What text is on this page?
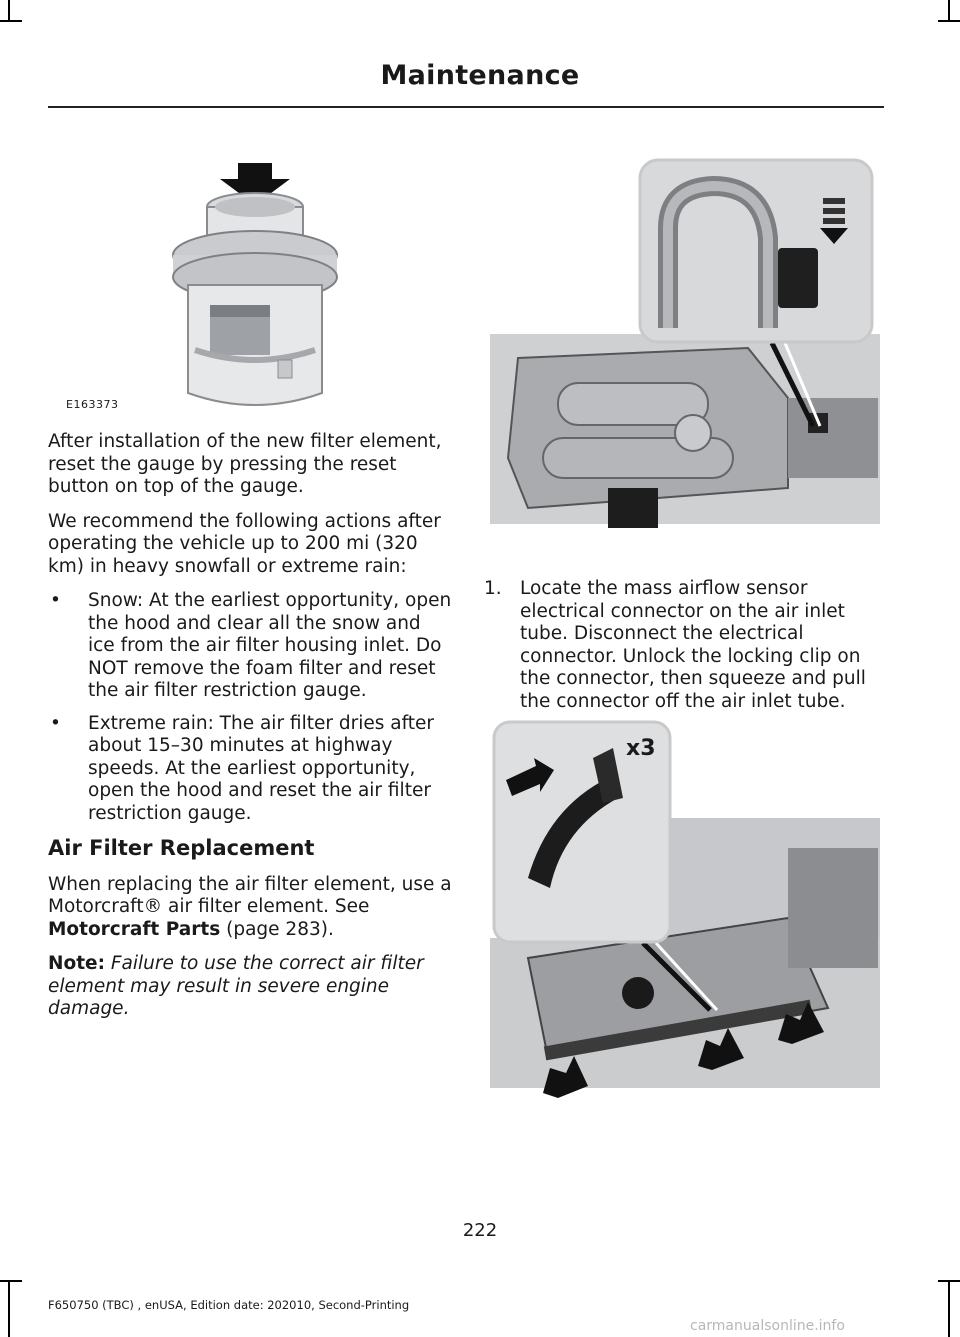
Maintenance
E163373

After installation of the new filter element, reset the gauge by pressing the reset button on top of the gauge.

We recommend the following actions after operating the vehicle up to 200 mi (320 km) in heavy snowfall or extreme rain:

• Snow: At the earliest opportunity, open the hood and clear all the snow and ice from the air filter housing inlet. Do NOT remove the foam filter and reset the air filter restriction gauge.
• Extreme rain: The air filter dries after about 15–30 minutes at highway speeds. At the earliest opportunity, open the hood and reset the air filter restriction gauge.
Air Filter Replacement

When replacing the air filter element, use a Motorcraft® air filter element. See Motorcraft Parts (page 283).

Note: Failure to use the correct air filter element may result in severe engine damage.

1. Locate the mass airflow sensor electrical connector on the air inlet tube. Disconnect the electrical connector. Unlock the locking clip on the connector, then squeeze and pull the connector off the air inlet tube.
x3
222
F650750 (TBC) , enUSA, Edition date: 202010, Second-Printing
carmanualsonline.info
